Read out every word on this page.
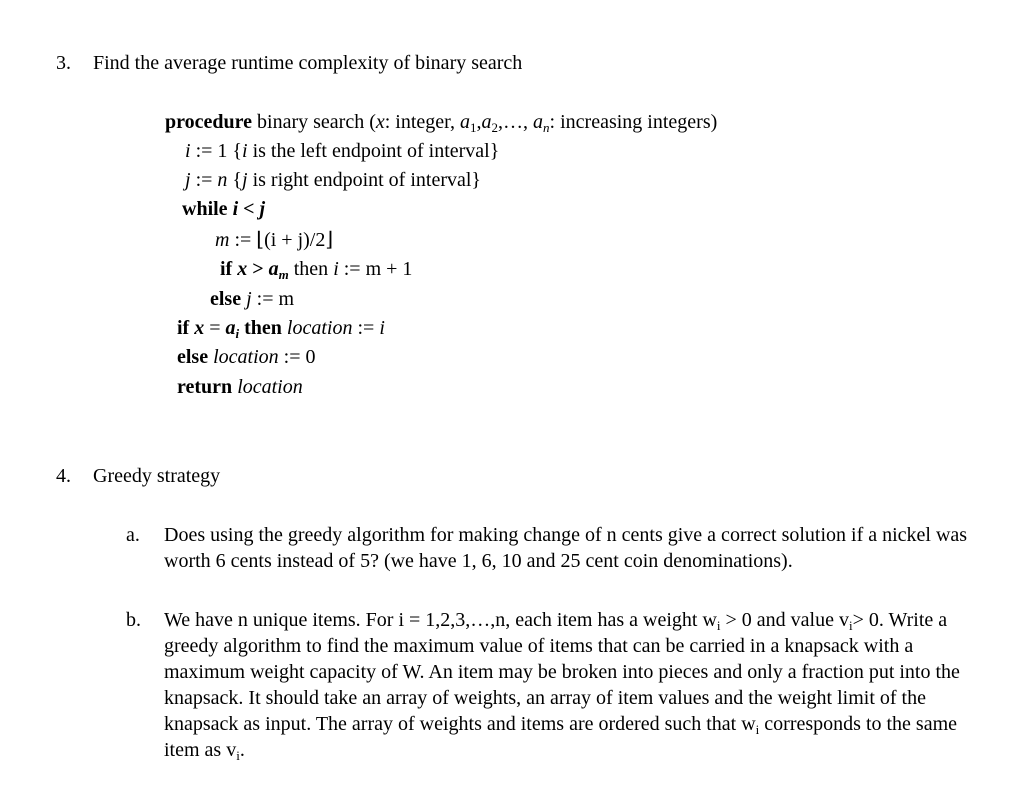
3. Find the average runtime complexity of binary search
procedure binary search (x: integer, $a_1,a_2,\dots$, $a_n$: increasing integers)
i := 1 {i is the left endpoint of interval}
j := n {j is right endpoint of interval}
while i < j
m := ⌊(i + j)/2⌋
if $x > a_m$ then i := m + 1
else j := m
if $x = a_i$ then location := i
else location := 0
return location
4. Greedy strategy
a. Does using the greedy algorithm for making change of n cents give a correct solution if a nickel was worth 6 cents instead of 5? (we have 1, 6, 10 and 25 cent coin denominations).
b. We have n unique items. For i = 1,2,3,…,n, each item has a weight $w_i > 0$ and value $v_i> 0$. Write a greedy algorithm to find the maximum value of items that can be carried in a knapsack with a maximum weight capacity of W. An item may be broken into pieces and only a fraction put into the knapsack. It should take an array of weights, an array of item values and the weight limit of the knapsack as input. The array of weights and items are ordered such that $w_i$ corresponds to the same item as $v_i$.
